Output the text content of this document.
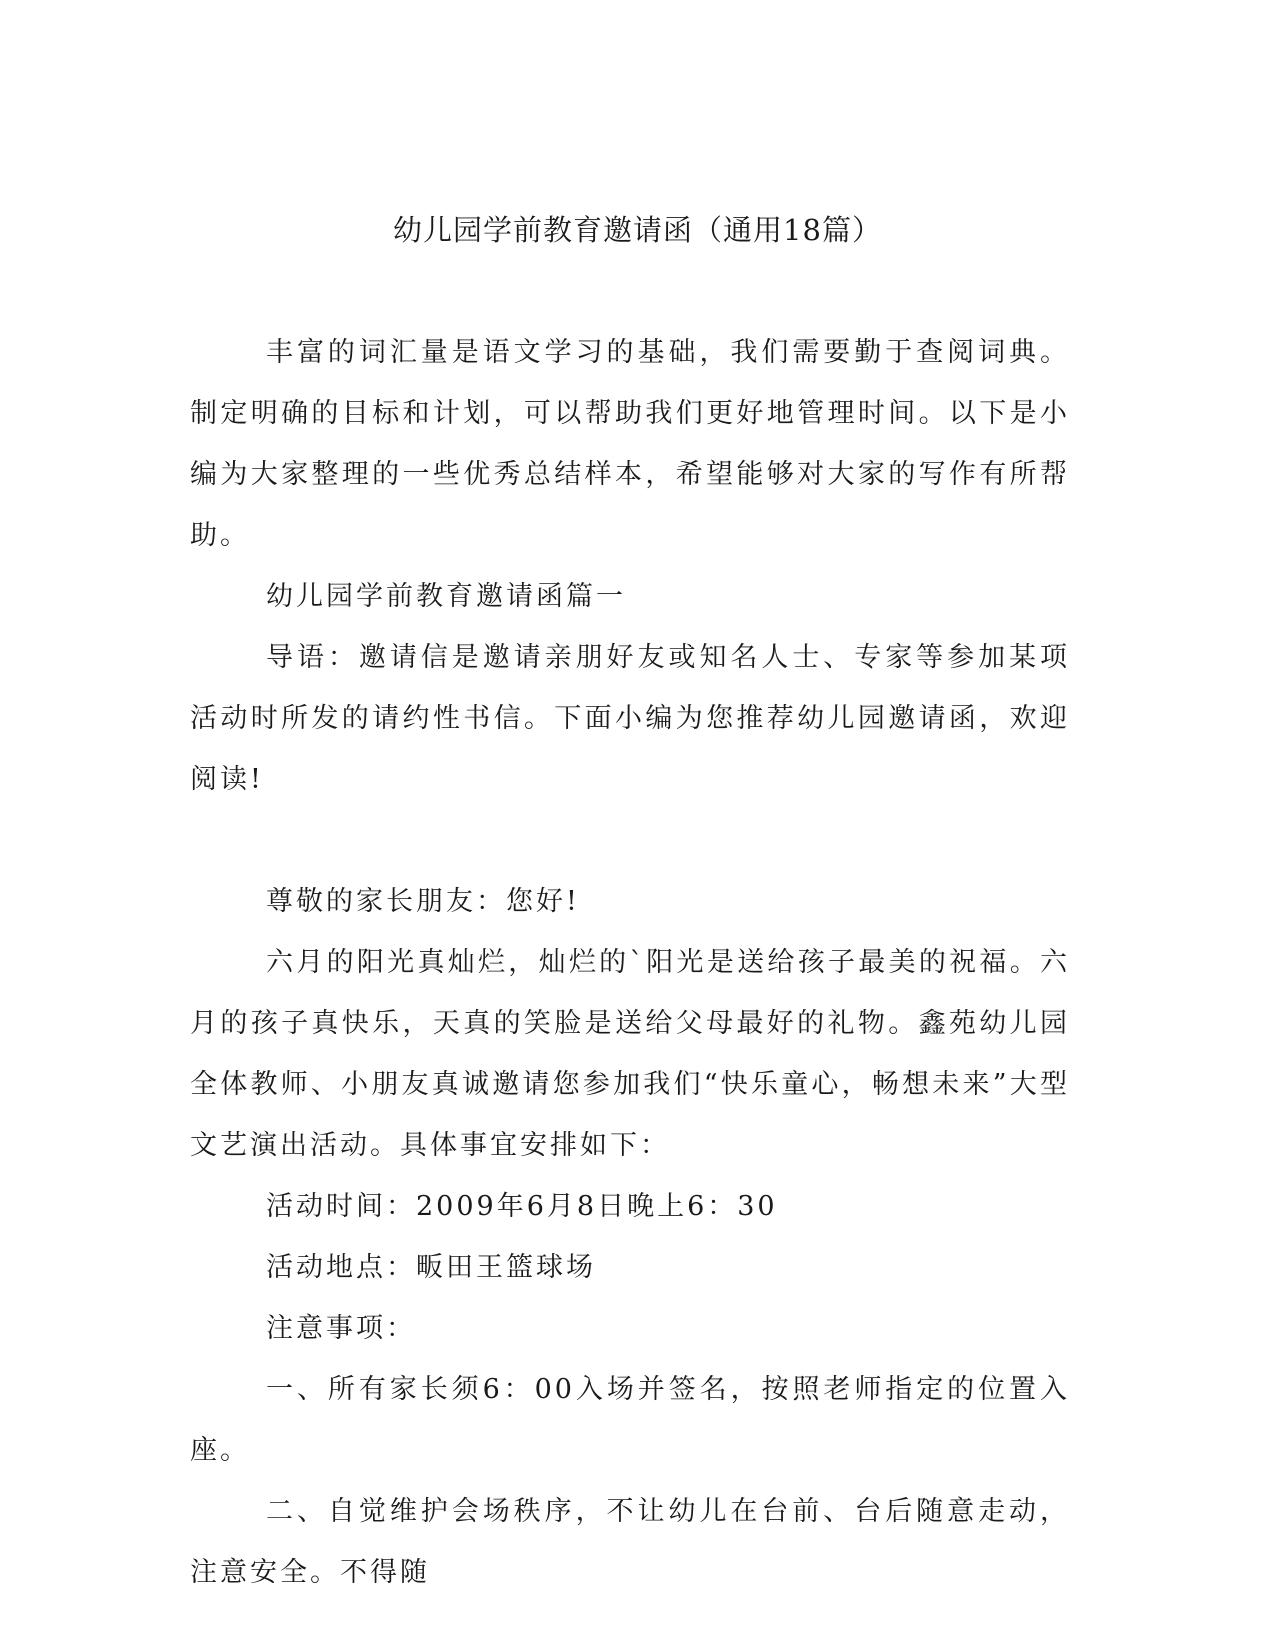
幼儿园学前教育邀请函（通用18篇）

丰富的词汇量是语文学习的基础，我们需要勤于查阅词典。制定明确的目标和计划，可以帮助我们更好地管理时间。以下是小编为大家整理的一些优秀总结样本，希望能够对大家的写作有所帮助。

幼儿园学前教育邀请函篇一

导语：邀请信是邀请亲朋好友或知名人士、专家等参加某项活动时所发的请约性书信。下面小编为您推荐幼儿园邀请函，欢迎阅读!

尊敬的家长朋友：您好!

六月的阳光真灿烂，灿烂的`阳光是送给孩子最美的祝福。六月的孩子真快乐，天真的笑脸是送给父母最好的礼物。鑫苑幼儿园全体教师、小朋友真诚邀请您参加我们“快乐童心，畅想未来”大型文艺演出活动。具体事宜安排如下：

活动时间：2009年6月8日晚上6：30

活动地点：畈田王篮球场

注意事项：

一、所有家长须6：00入场并签名，按照老师指定的位置入座。

二、自觉维护会场秩序，不让幼儿在台前、台后随意走动，注意安全。不得随
